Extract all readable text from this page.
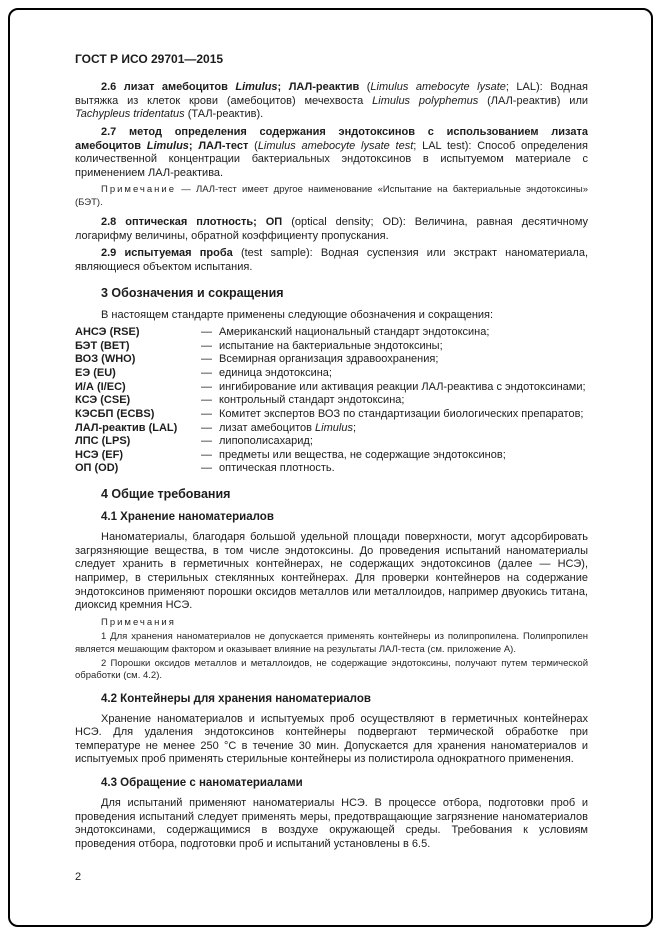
ГОСТ Р ИСО 29701—2015

2.6 лизат амебоцитов Limulus; ЛАЛ-реактив (Limulus amebocyte lysate; LAL): Водная вытяжка из клеток крови (амебоцитов) мечехвоста Limulus polyphemus (ЛАЛ-реактив) или Tachypleus tridentatus (ТАЛ-реактив).

2.7 метод определения содержания эндотоксинов с использованием лизата амебоцитов Limulus; ЛАЛ-тест (Limulus amebocyte lysate test; LAL test): Способ определения количественной концентрации бактериальных эндотоксинов в испытуемом материале с применением ЛАЛ-реактива.

Примечание — ЛАЛ-тест имеет другое наименование «Испытание на бактериальные эндотоксины» (БЭТ).

2.8 оптическая плотность; ОП (optical density; OD): Величина, равная десятичному логарифму величины, обратной коэффициенту пропускания.

2.9 испытуемая проба (test sample): Водная суспензия или экстракт наноматериала, являющиеся объектом испытания.

3 Обозначения и сокращения

В настоящем стандарте применены следующие обозначения и сокращения:

АНСЭ (RSE)	— Американский национальный стандарт эндотоксина;
БЭТ (BET)	— испытание на бактериальные эндотоксины;
ВОЗ (WHO)	— Всемирная организация здравоохранения;
ЕЭ (EU)	— единица эндотоксина;
И/А (I/EC)	— ингибирование или активация реакции ЛАЛ-реактива с эндотоксинами;
КСЭ (CSE)	— контрольный стандарт эндотоксина;
КЭСБП (ECBS)	— Комитет экспертов ВОЗ по стандартизации биологических препаратов;
ЛАЛ-реактив (LAL)	— лизат амебоцитов Limulus;
ЛПС (LPS)	— липополисахарид;
НСЭ (EF)	— предметы или вещества, не содержащие эндотоксинов;
ОП (OD)	— оптическая плотность.
4 Общие требования
4.1 Хранение наноматериалов

Наноматериалы, благодаря большой удельной площади поверхности, могут адсорбировать загрязняющие вещества, в том числе эндотоксины. До проведения испытаний наноматериалы следует хранить в герметичных контейнерах, не содержащих эндотоксинов (далее — НСЭ), например, в стерильных стеклянных контейнерах. Для проверки контейнеров на содержание эндотоксинов применяют порошки оксидов металлов или металлоидов, например двуокись титана, диоксид кремния НСЭ.

Примечания

1 Для хранения наноматериалов не допускается применять контейнеры из полипропилена. Полипропилен является мешающим фактором и оказывает влияние на результаты ЛАЛ-теста (см. приложение А).

2 Порошки оксидов металлов и металлоидов, не содержащие эндотоксины, получают путем термической обработки (см. 4.2).

4.2 Контейнеры для хранения наноматериалов

Хранение наноматериалов и испытуемых проб осуществляют в герметичных контейнерах НСЭ. Для удаления эндотоксинов контейнеры подвергают термической обработке при температуре не менее 250 °С в течение 30 мин. Допускается для хранения наноматериалов и испытуемых проб применять стерильные контейнеры из полистирола однократного применения.

4.3 Обращение с наноматериалами

Для испытаний применяют наноматериалы НСЭ. В процессе отбора, подготовки проб и проведения испытаний следует применять меры, предотвращающие загрязнение наноматериалов эндотоксинами, содержащимися в воздухе окружающей среды. Требования к условиям проведения отбора, подготовки проб и испытаний установлены в 6.5.

2
